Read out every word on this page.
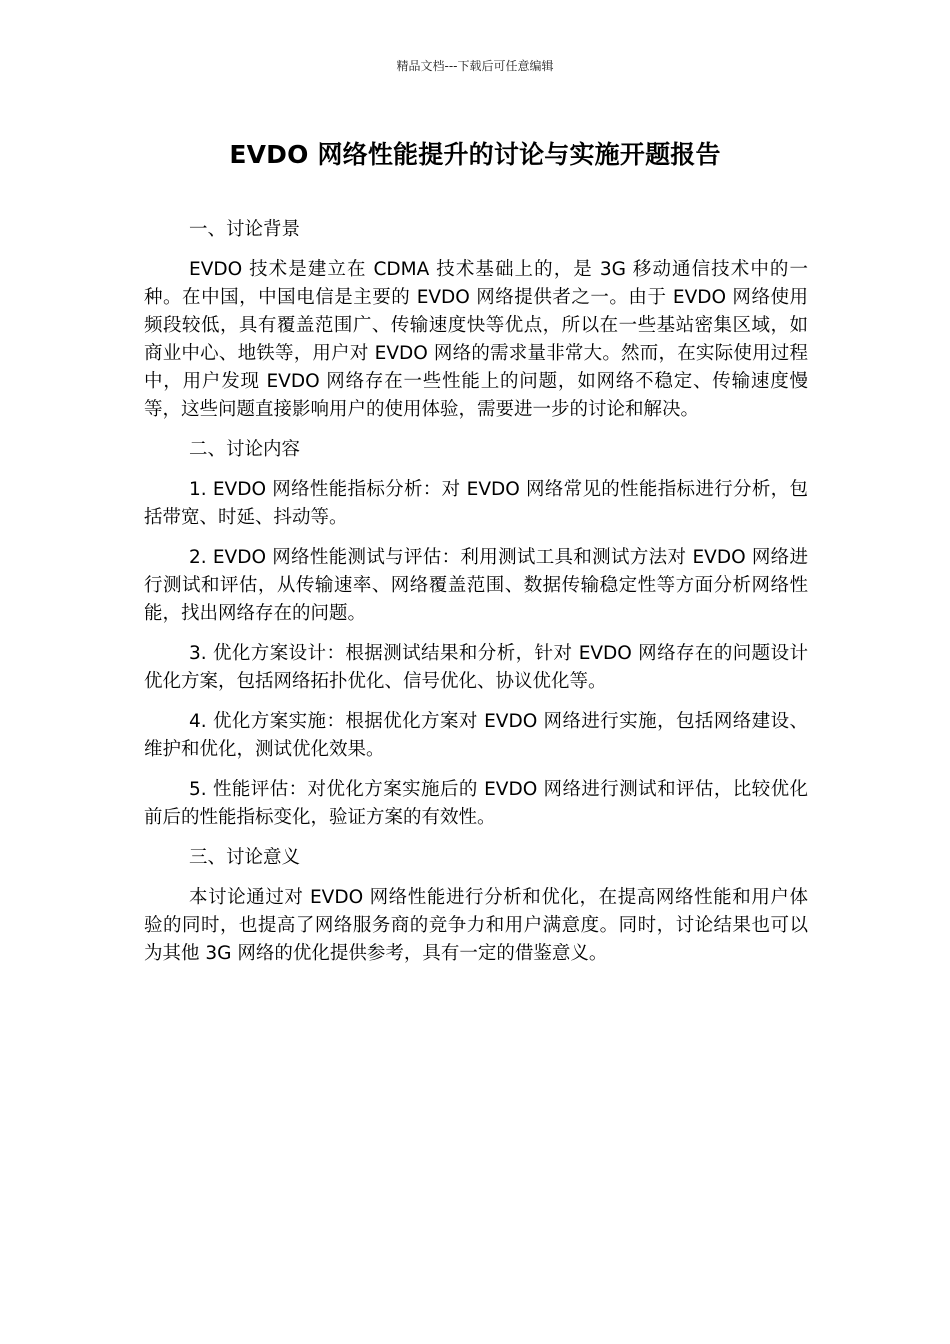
精品文档---下载后可任意编辑
EVDO 网络性能提升的讨论与实施开题报告

一、讨论背景

EVDO 技术是建立在 CDMA 技术基础上的，是 3G 移动通信技术中的一种。在中国，中国电信是主要的 EVDO 网络提供者之一。由于 EVDO 网络使用频段较低，具有覆盖范围广、传输速度快等优点，所以在一些基站密集区域，如商业中心、地铁等，用户对 EVDO 网络的需求量非常大。然而，在实际使用过程中，用户发现 EVDO 网络存在一些性能上的问题，如网络不稳定、传输速度慢等，这些问题直接影响用户的使用体验，需要进一步的讨论和解决。

二、讨论内容

1. EVDO 网络性能指标分析：对 EVDO 网络常见的性能指标进行分析，包括带宽、时延、抖动等。

2. EVDO 网络性能测试与评估：利用测试工具和测试方法对 EVDO 网络进行测试和评估，从传输速率、网络覆盖范围、数据传输稳定性等方面分析网络性能，找出网络存在的问题。

3. 优化方案设计：根据测试结果和分析，针对 EVDO 网络存在的问题设计优化方案，包括网络拓扑优化、信号优化、协议优化等。

4. 优化方案实施：根据优化方案对 EVDO 网络进行实施，包括网络建设、维护和优化，测试优化效果。

5. 性能评估：对优化方案实施后的 EVDO 网络进行测试和评估，比较优化前后的性能指标变化，验证方案的有效性。

三、讨论意义

本讨论通过对 EVDO 网络性能进行分析和优化，在提高网络性能和用户体验的同时，也提高了网络服务商的竞争力和用户满意度。同时，讨论结果也可以为其他 3G 网络的优化提供参考，具有一定的借鉴意义。
